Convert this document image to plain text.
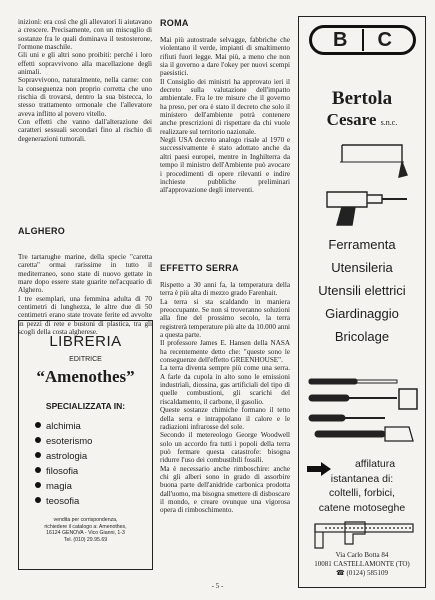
inizionì: era così che gli allevatori li aiutavano a crescere. Precisamente, con un miscuglio di sostanze fra le quali dominava il testosterone, l'ormone maschile.

Gli uni e gli altri sono proibiti: perché i loro effetti sopravvivono alla macellazione degli animali.

Sopravvivono, naturalmente, nella carne: con la conseguenza non proprio corretta che uno rischia di trovarsi, dentro la sua bistecca, lo stesso trattamento ormonale che l'allevatore aveva inflitto al povero vitello.

Con effetti che vanno dall'alterazione dei caratteri sessuali secondari fino al rischio di degenerazioni tumorali.

ALGHERO

Tre tartarughe marine, della specie "caretta caretta" ormai rarissime in tutto il mediterraneo, sono state di nuovo gettate in mare dopo essere state guarite nel'acquario di Alghero.

I tre esemplari, una femmina adulta di 70 centimetri di lunghezza, le altre due di 50 centimetri erano state trovate ferite ed avvolte in pezzi di rete e bustoni di plastica, tra gli scogli della costa algherese.

LIBRERIA
EDITRICE
“Amenothes”
SPECIALIZZATA IN:
alchimia
esoterismo
astrologia
filosofia
magia
teosofia
vendita per corrispondenza,
richiedere il catalogo a: Amenothes,
16124 GENOVA - Vico Gianni, 1-3
Tel. (010) 29.95.69
ROMA

Mai più autostrade selvagge, fabbriche che violentano il verde, impianti di smaltimento rifiuti fuori legge. Mai più, a meno che non sia il governo a dare l'okey per nuovi scempi paesistici.

Il Consiglio dei ministri ha approvato ieri il decreto sulla valutazione dell'impatto ambientale. Fra le tre misure che il governo ha preso, per ora è stato il decreto che solo il ministero dell'ambiente potrà contenere anche prescrizioni di rispettare da chi vuole realizzare sul territorio nazionale.

Negli USA decreto analogo risale al 1970 e successivamente è stato adottato anche da altri paesi europei, mentre in Inghilterra da tempo il ministro dell'Ambiente può avocare i procedimenti di opere rilevanti e indire inchieste pubbliche preliminari all'approvazione degli interventi.

EFFETTO SERRA

Rispetto a 30 anni fa, la temperatura della terra è più alta di mezzo grado Farenhait.

La terra si sta scaldando in maniera preoccupante. Se non si troveranno soluzioni alla fine del prossimo secolo, la terra registrerà temperature più alte da 10.000 anni a questa parte.

Il professore James E. Hansen della NASA ha recentemente detto che: "queste sono le conseguenze dell'effetto GREENHOUSE".

La terra diventa sempre più come una serra. A farle da cupola in alto sono le emissioni industriali, diossina, gas artificiali del tipo di quelle combustioni, gli scarichi del riscaldamento, il carbone, il gasolio.

Queste sostanze chimiche formano il tetto della serra e intrappolano il calore e le radiazioni infrarosse del sole.

Secondo il metereologo George Woodwell solo un accordo fra tutti i popoli della terra può fermare questa catastrofe: bisogna ridurre l'uso dei combustibili fossili.

Ma è necessario anche rimboschire: anche chi gli alberi sono in grado di assorbire buona parte dell'anidride carbonica prodotta dall'uomo, ma bisogna smettere di disboscare il mondo, e creare ovunque una vigorosa opera di rimboschimento.

B C
Bertola
Cesare s.n.c.
Ferramenta
Utensileria
Utensili elettrici
Giardinaggio
Bricolage
affilatura
istantanea di:
coltelli, forbici,
catene motoseghe
Via Carlo Botta 84
10081 CASTELLAMONTE (TO)
☎ (0124) 585109
- 5 -
